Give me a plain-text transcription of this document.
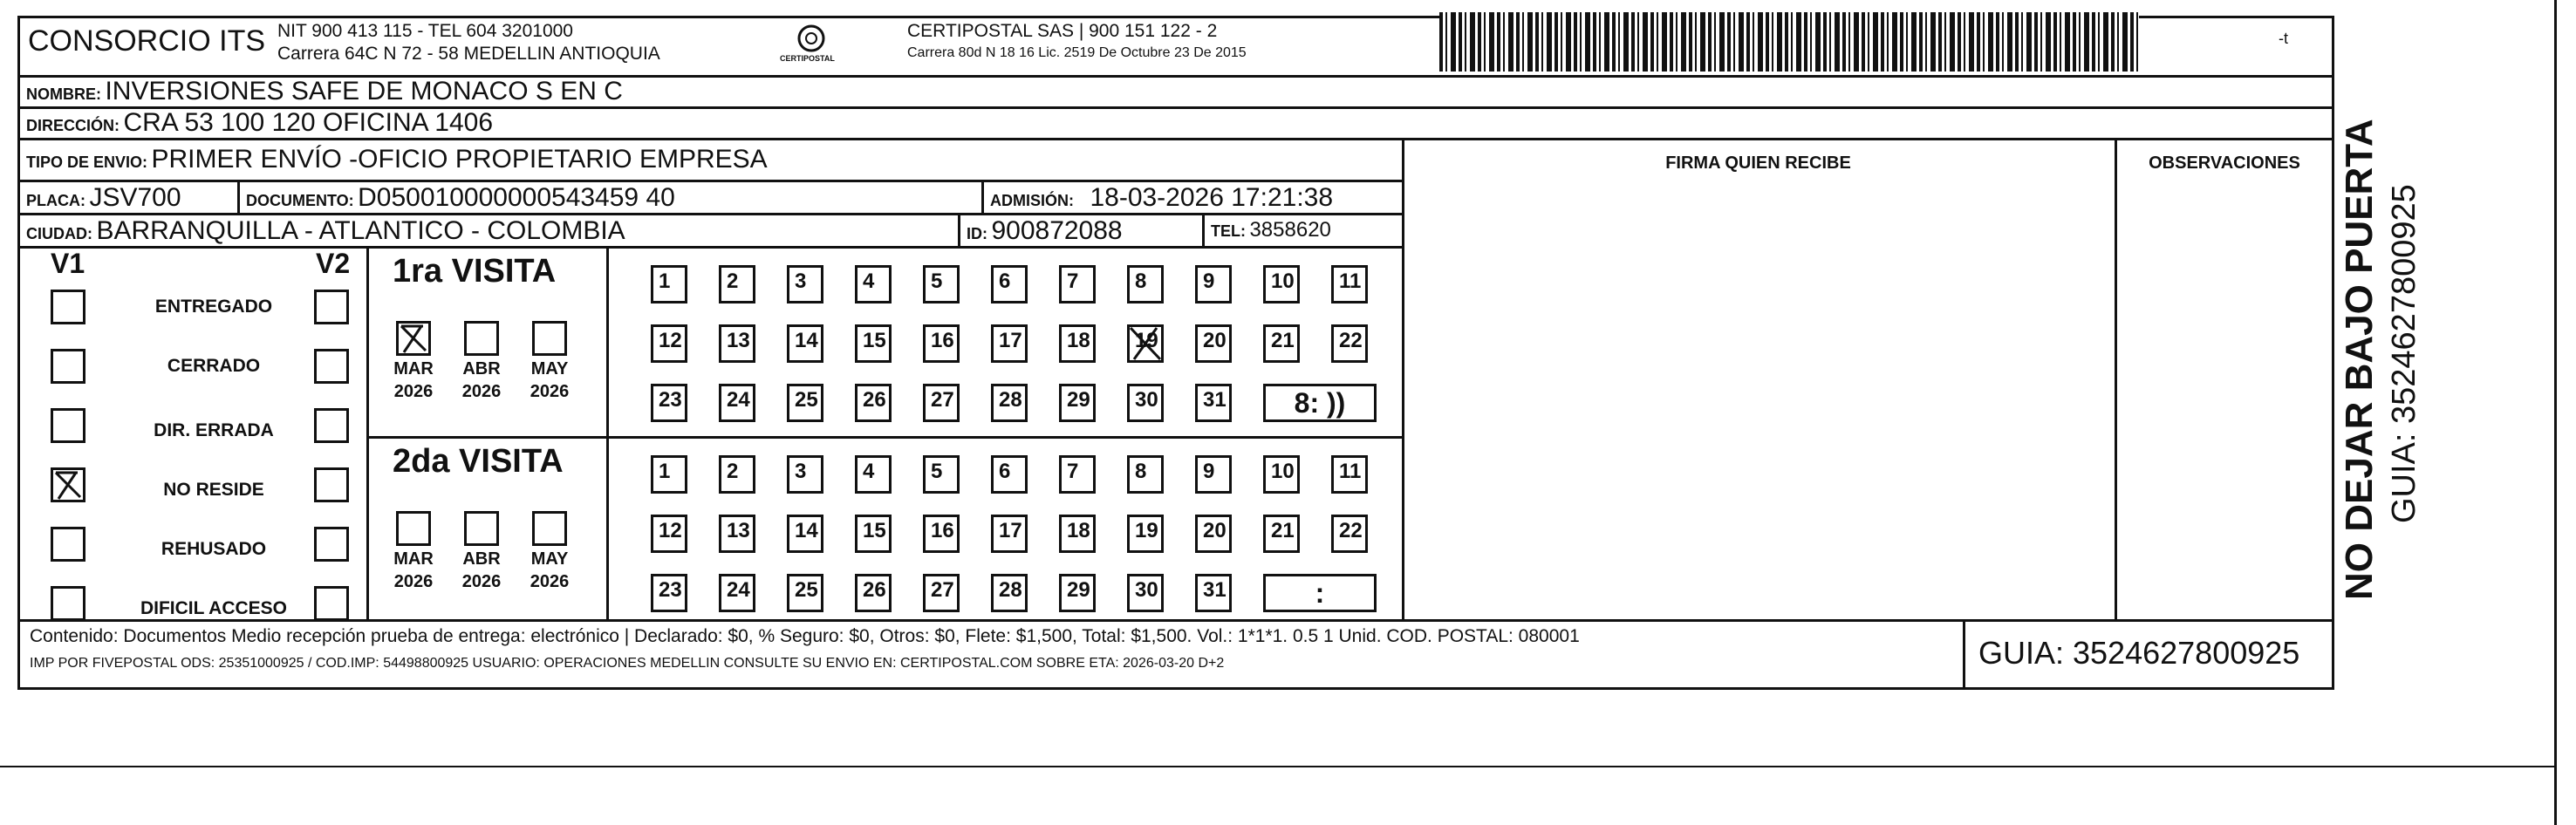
CONSORCIO ITS NIT 900 413 115 - TEL 604 3201000
Carrera 64C N 72 - 58 MEDELLIN ANTIOQUIA	CERTIPOSTAL
CERTIPOSTAL SAS | 900 151 122 - 2
Carrera 80d N 18 16 Lic. 2519 De Octubre 23 De 2015
-t
NOMBRE: INVERSIONES SAFE DE MONACO S EN C
DIRECCIÓN: CRA 53 100 120 OFICINA 1406
TIPO DE ENVIO: PRIMER ENVÍO -OFICIO PROPIETARIO EMPRESA
PLACA: JSV700	DOCUMENTO: D050010000000543459 40	ADMISIÓN: 18-03-2026 17:21:38
CIUDAD: BARRANQUILLA - ATLANTICO - COLOMBIA	ID: 900872088	TEL: 3858620
FIRMA QUIEN RECIBE	OBSERVACIONES
V1	V2
ENTREGADO
CERRADO
DIR. ERRADA
NO RESIDE
REHUSADO
DIFICIL ACCESO
1ra VISITA
MAR
2026
ABR
2026
MAY
2026
1	2	3	4	5	6	7	8	9	10	11
12	13	14	15	16	17	18	19	20	21	22
23	24	25	26	27	28	29	30	31	8: ))
2da VISITA
MAR
2026
ABR
2026
MAY
2026
1	2	3	4	5	6	7	8	9	10	11
12	13	14	15	16	17	18	19	20	21	22
23	24	25	26	27	28	29	30	31	:
Contenido: Documentos Medio recepción prueba de entrega: electrónico | Declarado: $0, % Seguro: $0, Otros: $0, Flete: $1,500, Total: $1,500. Vol.: 1*1*1. 0.5 1 Unid. COD. POSTAL: 080001
IMP POR FIVEPOSTAL ODS: 25351000925 / COD.IMP: 54498800925 USUARIO: OPERACIONES MEDELLIN CONSULTE SU ENVIO EN: CERTIPOSTAL.COM SOBRE ETA: 2026-03-20 D+2	GUIA: 3524627800925
NO DEJAR BAJO PUERTA GUIA: 3524627800925
